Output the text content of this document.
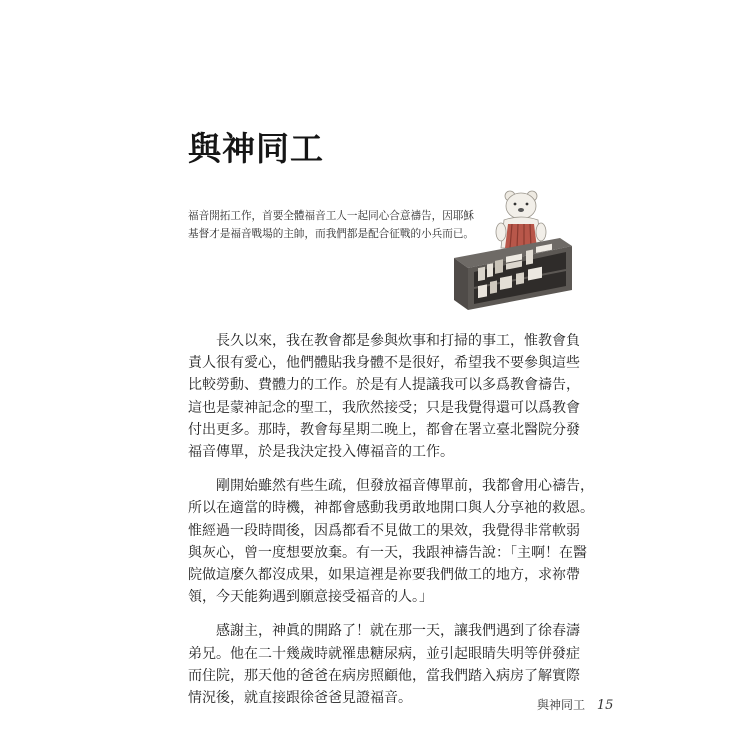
與神同工
福音開拓工作，首要全體福音工人一起同心合意禱告，因耶穌
基督才是福音戰場的主帥，而我們都是配合征戰的小兵而已。

　　長久以來，我在教會都是參與炊事和打掃的事工，惟教會負
責人很有愛心，他們體貼我身體不是很好，希望我不要參與這些
比較勞動、費體力的工作。於是有人提議我可以多爲教會禱告，
這也是蒙神記念的聖工，我欣然接受；只是我覺得還可以爲教會
付出更多。那時，教會每星期二晚上，都會在署立臺北醫院分發
福音傳單，於是我決定投入傳福音的工作。

　　剛開始雖然有些生疏，但發放福音傳單前，我都會用心禱告，
所以在適當的時機，神都會感動我勇敢地開口與人分享祂的救恩。
惟經過一段時間後，因爲都看不見做工的果效，我覺得非常軟弱
與灰心，曾一度想要放棄。有一天，我跟神禱告說：「主啊！在醫
院做這麼久都沒成果，如果這裡是祢要我們做工的地方，求祢帶
領，今天能夠遇到願意接受福音的人。」

　　感謝主，神眞的開路了！就在那一天，讓我們遇到了徐春濤
弟兄。他在二十幾歲時就罹患糖尿病，並引起眼睛失明等併發症
而住院，那天他的爸爸在病房照顧他，當我們踏入病房了解實際
情況後，就直接跟徐爸爸見證福音。	與神同工 15
